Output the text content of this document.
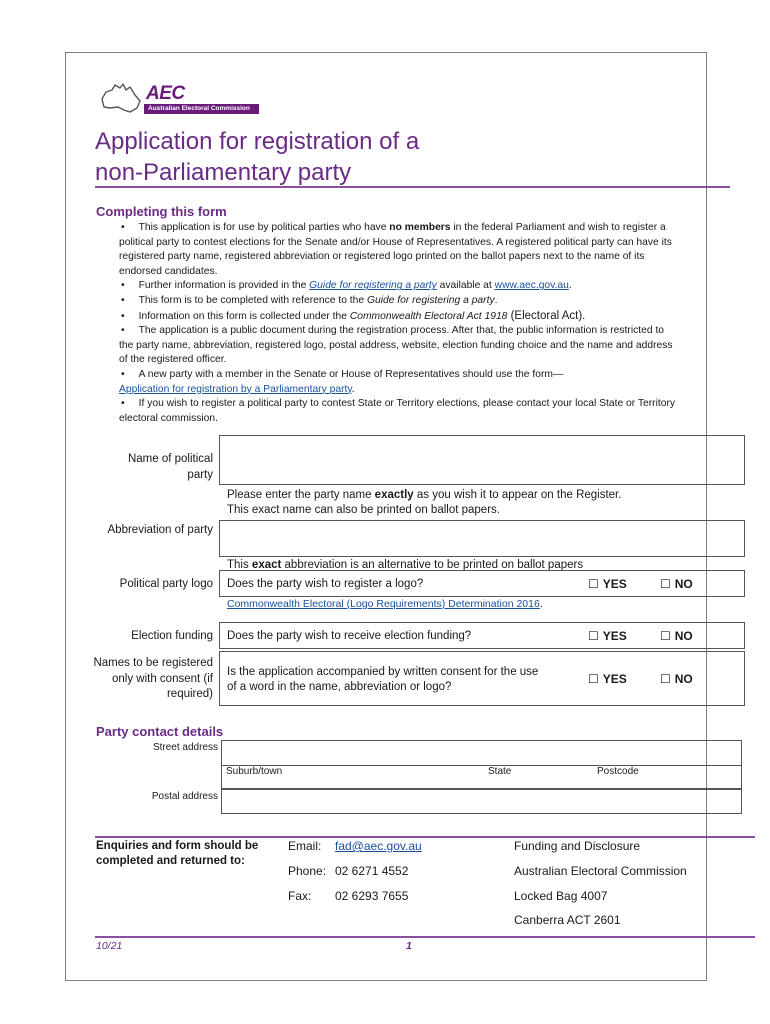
AEC
Australian Electoral Commission
Application for registration of a
non-Parliamentary party
Completing this form

• This application is for use by political parties who have no members in the federal Parliament and wish to register a political party to contest elections for the Senate and/or House of Representatives. A registered political party can have its registered party name, registered abbreviation or registered logo printed on the ballot papers next to the name of its endorsed candidates.

• Further information is provided in the Guide for registering a party available at www.aec.gov.au.

• This form is to be completed with reference to the Guide for registering a party.

• Information on this form is collected under the Commonwealth Electoral Act 1918 (Electoral Act).

• The application is a public document during the registration process. After that, the public information is restricted to the party name, abbreviation, registered logo, postal address, website, election funding choice and the name and address of the registered officer.

• A new party with a member in the Senate or House of Representatives should use the form—
Application for registration by a Parliamentary party.

• If you wish to register a political party to contest State or Territory elections, please contact your local State or Territory electoral commission.

Name of political party
Please enter the party name exactly as you wish it to appear on the Register.
This exact name can also be printed on ballot papers.
Abbreviation of party
This exact abbreviation is an alternative to be printed on ballot papers
Political party logo Does the party wish to register a logo?	☐ YES	☐ NO
Commonwealth Electoral (Logo Requirements) Determination 2016.
Election funding Does the party wish to receive election funding?	☐ YES	☐ NO
Names to be registered only with consent (if required)
Is the application accompanied by written consent for the use of a word in the name, abbreviation or logo?
☐ YES	☐ NO
Party contact details
Street address
Suburb/town	State	Postcode
Postal address
Enquiries and form should be completed and returned to:
Email: fad@aec.gov.au
Phone: 02 6271 4552
Fax: 02 6293 7655
Funding and Disclosure
Australian Electoral Commission
Locked Bag 4007
Canberra ACT 2601
10/21	1
